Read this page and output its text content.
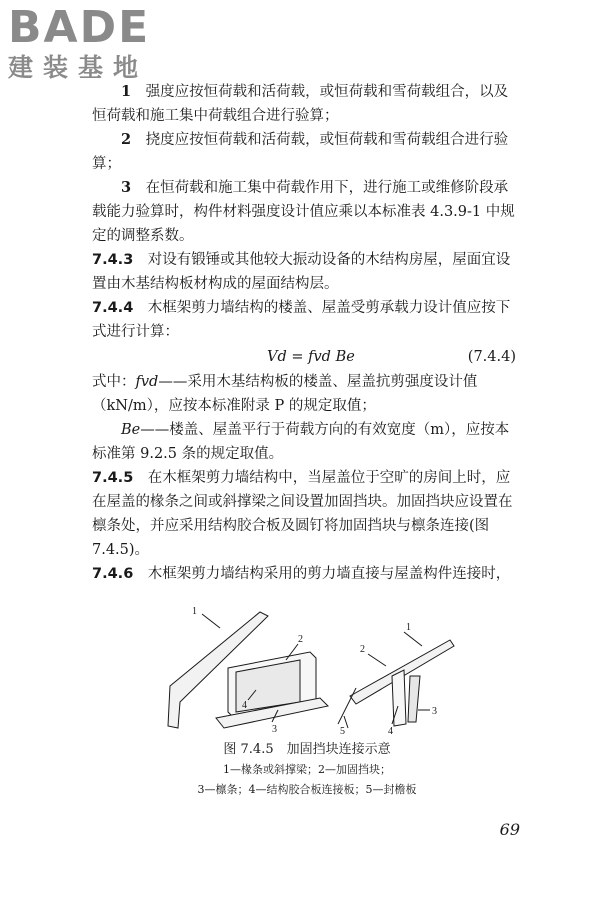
BADE
建装基地

1　 强度应按恒荷载和活荷载，或恒荷载和雪荷载组合，以及恒荷载和施工集中荷载组合进行验算；

2　 挠度应按恒荷载和活荷载，或恒荷载和雪荷载组合进行验算；

3　 在恒荷载和施工集中荷载作用下，进行施工或维修阶段承载能力验算时，构件材料强度设计值应乘以本标准表 4.3.9-1 中规定的调整系数。

7.4.3　 对设有锻锤或其他较大振动设备的木结构房屋，屋面宜设置由木基结构板材构成的屋面结构层。

7.4.4　 木框架剪力墙结构的楼盖、屋盖受剪承载力设计值应按下式进行计算：

Vd = fvd Be	(7.4.4)
式中：fvd——采用木基结构板的楼盖、屋盖抗剪强度设计值（kN/m），应按本标准附录 P 的规定取值；
Be——楼盖、屋盖平行于荷载方向的有效宽度（m），应按本标准第 9.2.5 条的规定取值。

7.4.5　 在木框架剪力墙结构中，当屋盖位于空旷的房间上时，应在屋盖的椽条之间或斜撑梁之间设置加固挡块。加固挡块应设置在檩条处，并应采用结构胶合板及圆钉将加固挡块与檩条连接(图 7.4.5)。

7.4.6　 木框架剪力墙结构采用的剪力墙直接与屋盖构件连接时，

1
2
4
3
1
2
3
4
5
图 7.4.5　加固挡块连接示意
1—椽条或斜撑梁；2—加固挡块；
3—檩条；4—结构胶合板连接板；5—封檐板
69
